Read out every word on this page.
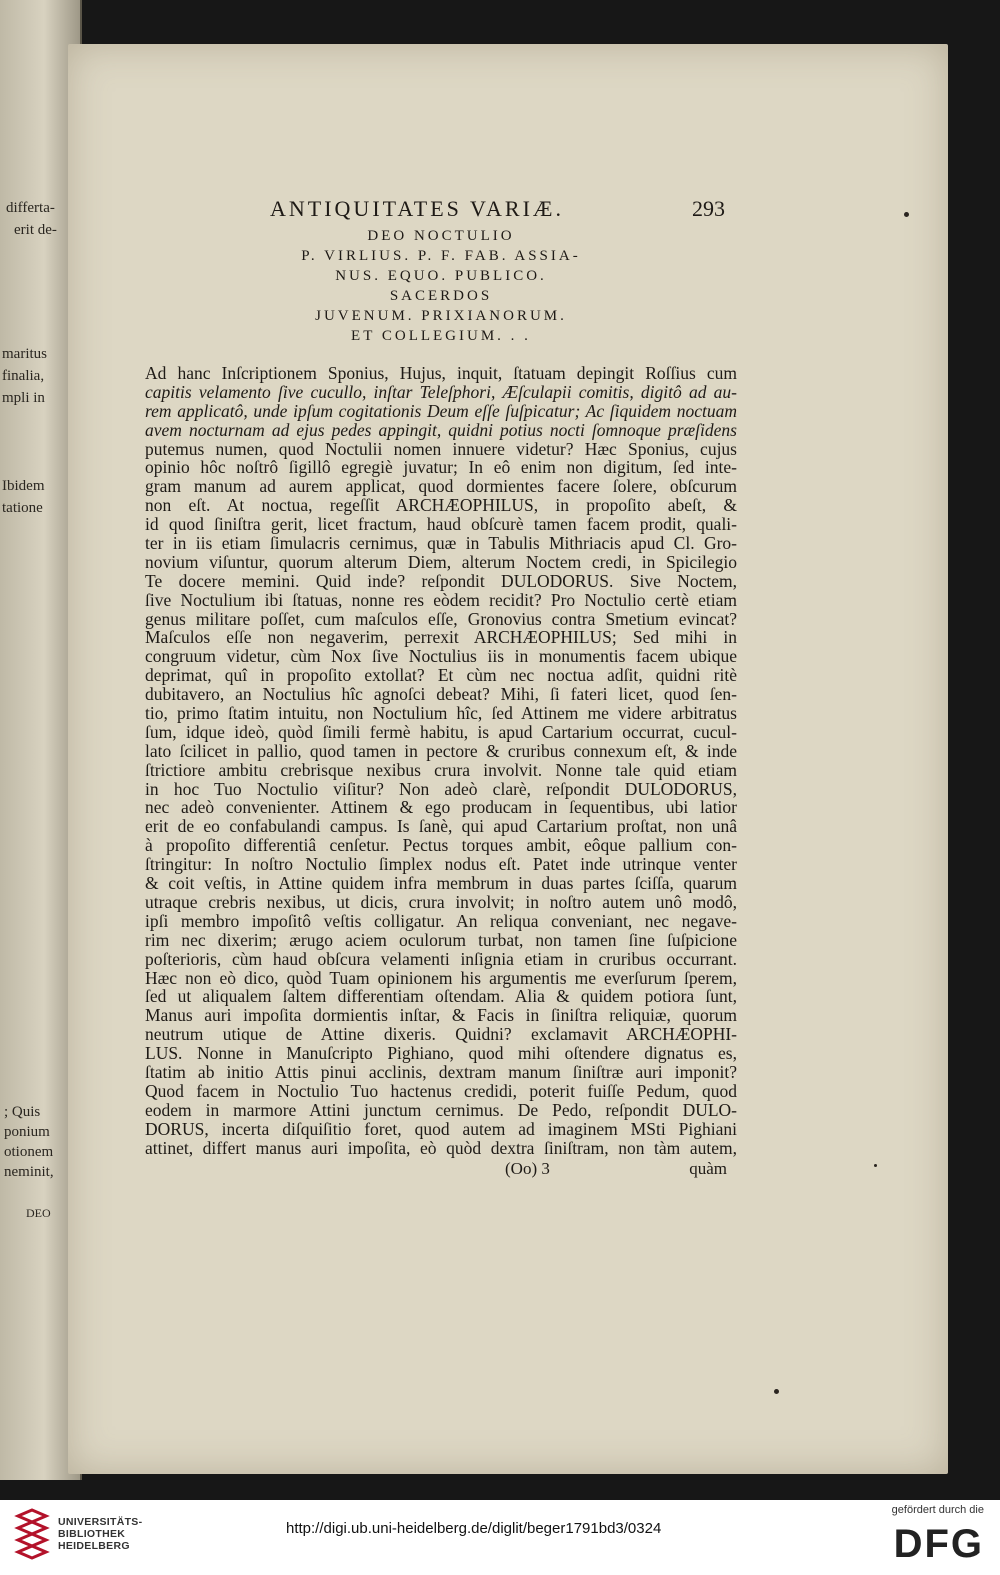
differta-
erit de-
maritus
finalia,
mpli in
Ibidem
tatione
; Quis
ponium
otionem
neminit,
DEO
ANTIQUITATES VARIÆ.	293
DEO NOCTULIO
P. VIRLIUS. P. F. FAB. ASSIA-
NUS. EQUO. PUBLICO.
SACERDOS
JUVENUM. PRIXIANORUM.
ET COLLEGIUM. . .
Ad hanc Inſcriptionem Sponius, Hujus, inquit, ſtatuam depingit Roſſius cum
capitis velamento ſive cucullo, inſtar Teleſphori, Æſculapii comitis, digitô ad au-
rem applicatô, unde ipſum cogitationis Deum eſſe ſuſpicatur; Ac ſiquidem noctuam
avem nocturnam ad ejus pedes appingit, quidni potius nocti ſomnoque præſidens
putemus numen, quod Noctulii nomen innuere videtur? Hæc Sponius, cujus
opinio hôc noſtrô ſigillô egregiè juvatur; In eô enim non digitum, ſed inte-
gram manum ad aurem applicat, quod dormientes facere ſolere, obſcurum
non eſt. At noctua, regeſſit ARCHÆOPHILUS, in propoſito abeſt, &
id quod ſiniſtra gerit, licet fractum, haud obſcurè tamen facem prodit, quali-
ter in iis etiam ſimulacris cernimus, quæ in Tabulis Mithriacis apud Cl. Gro-
novium viſuntur, quorum alterum Diem, alterum Noctem credi, in Spicilegio
Te docere memini. Quid inde? reſpondit DULODORUS. Sive Noctem,
ſive Noctulium ibi ſtatuas, nonne res eòdem recidit? Pro Noctulio certè etiam
genus militare poſſet, cum maſculos eſſe, Gronovius contra Smetium evincat?
Maſculos eſſe non negaverim, perrexit ARCHÆOPHILUS; Sed mihi in
congruum videtur, cùm Nox ſive Noctulius iis in monumentis facem ubique
deprimat, quî in propoſito extollat? Et cùm nec noctua adſit, quidni ritè
dubitavero, an Noctulius hîc agnoſci debeat? Mihi, ſi fateri licet, quod ſen-
tio, primo ſtatim intuitu, non Noctulium hîc, ſed Attinem me videre arbitratus
ſum, idque ideò, quòd ſimili fermè habitu, is apud Cartarium occurrat, cucul-
lato ſcilicet in pallio, quod tamen in pectore & cruribus connexum eſt, & inde
ſtrictiore ambitu crebrisque nexibus crura involvit. Nonne tale quid etiam
in hoc Tuo Noctulio viſitur? Non adeò clarè, reſpondit DULODORUS,
nec adeò convenienter. Attinem & ego producam in ſequentibus, ubi latior
erit de eo confabulandi campus. Is ſanè, qui apud Cartarium proſtat, non unâ
à propoſito differentiâ cenſetur. Pectus torques ambit, eôque pallium con-
ſtringitur: In noſtro Noctulio ſimplex nodus eſt. Patet inde utrinque venter
& coit veſtis, in Attine quidem infra membrum in duas partes ſciſſa, quarum
utraque crebris nexibus, ut dicis, crura involvit; in noſtro autem unô modô,
ipſi membro impoſitô veſtis colligatur. An reliqua conveniant, nec negave-
rim nec dixerim; ærugo aciem oculorum turbat, non tamen ſine ſuſpicione
poſterioris, cùm haud obſcura velamenti inſignia etiam in cruribus occurrant.
Hæc non eò dico, quòd Tuam opinionem his argumentis me everſurum ſperem,
ſed ut aliqualem ſaltem differentiam oſtendam. Alia & quidem potiora ſunt,
Manus auri impoſita dormientis inſtar, & Facis in ſiniſtra reliquiæ, quorum
neutrum utique de Attine dixeris. Quidni? exclamavit ARCHÆOPHI-
LUS. Nonne in Manuſcripto Pighiano, quod mihi oſtendere dignatus es,
ſtatim ab initio Attis pinui acclinis, dextram manum ſiniſtræ auri imponit?
Quod facem in Noctulio Tuo hactenus credidi, poterit fuiſſe Pedum, quod
eodem in marmore Attini junctum cernimus. De Pedo, reſpondit DULO-
DORUS, incerta diſquiſitio foret, quod autem ad imaginem MSti Pighiani
attinet, differt manus auri impoſita, eò quòd dextra ſiniſtram, non tàm autem,
(Oo) 3	quàm
UNIVERSITÄTS-
BIBLIOTHEK
HEIDELBERG
http://digi.ub.uni-heidelberg.de/diglit/beger1791bd3/0324
gefördert durch die
DFG
